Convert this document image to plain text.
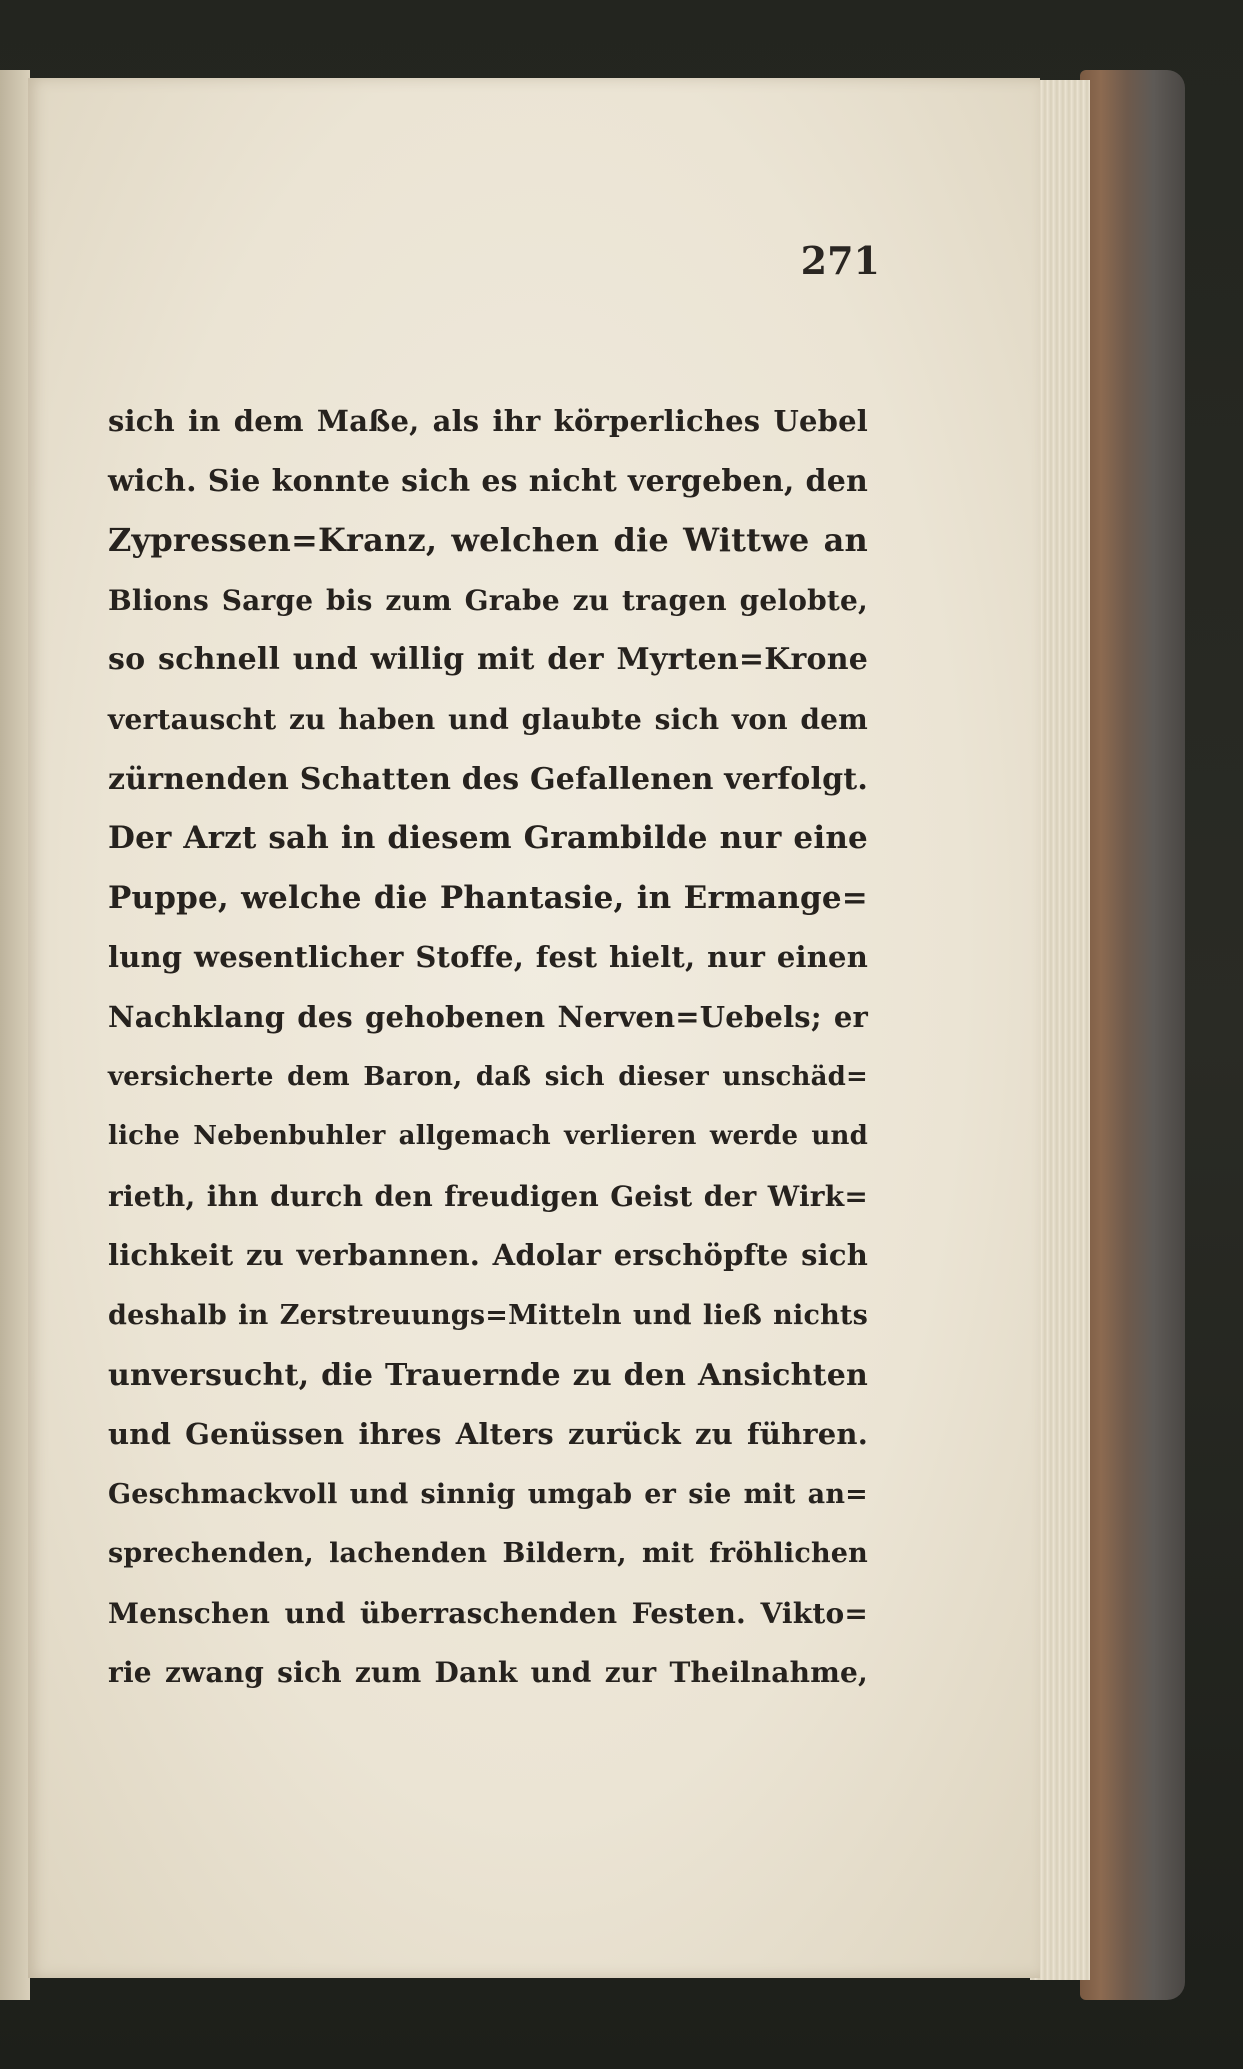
271
sich in dem Maße, als ihr körperliches Uebel
wich. Sie konnte sich es nicht vergeben, den
Zypressen=Kranz, welchen die Wittwe an
Blions Sarge bis zum Grabe zu tragen gelobte,
so schnell und willig mit der Myrten=Krone
vertauscht zu haben und glaubte sich von dem
zürnenden Schatten des Gefallenen verfolgt.
Der Arzt sah in diesem Grambilde nur eine
Puppe, welche die Phantasie, in Ermange=
lung wesentlicher Stoffe, fest hielt, nur einen
Nachklang des gehobenen Nerven=Uebels; er
versicherte dem Baron, daß sich dieser unschäd=
liche Nebenbuhler allgemach verlieren werde und
rieth, ihn durch den freudigen Geist der Wirk=
lichkeit zu verbannen. Adolar erschöpfte sich
deshalb in Zerstreuungs=Mitteln und ließ nichts
unversucht, die Trauernde zu den Ansichten
und Genüssen ihres Alters zurück zu führen.
Geschmackvoll und sinnig umgab er sie mit an=
sprechenden, lachenden Bildern, mit fröhlichen
Menschen und überraschenden Festen. Vikto=
rie zwang sich zum Dank und zur Theilnahme,
